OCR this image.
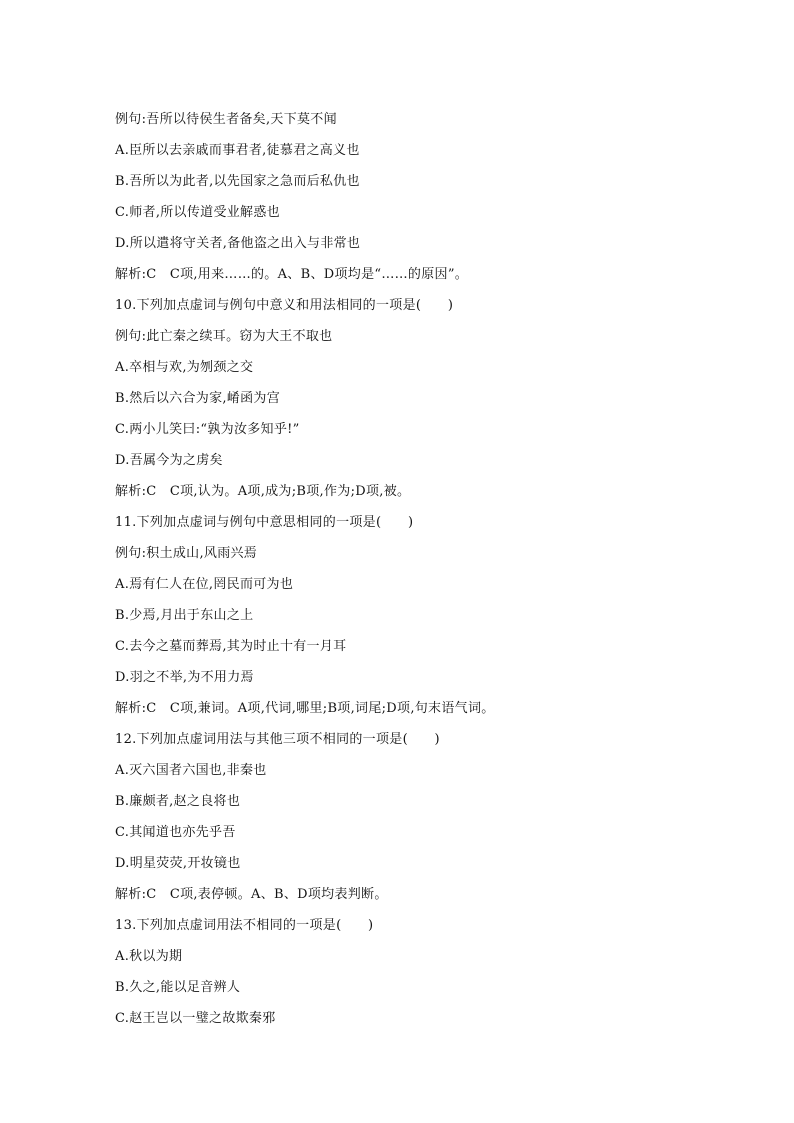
例句:吾所以待侯生者备矣,天下莫不闻
A.臣所以去亲戚而事君者,徒慕君之高义也
B.吾所以为此者,以先国家之急而后私仇也
C.师者,所以传道受业解惑也
D.所以遣将守关者,备他盗之出入与非常也
解析:C　C项,用来……的。A、B、D项均是“……的原因”。
10.下列加点虚词与例句中意义和用法相同的一项是(　　)
例句:此亡秦之续耳。窃为大王不取也
A.卒相与欢,为刎颈之交
B.然后以六合为家,崤函为宫
C.两小儿笑曰:“孰为汝多知乎!”
D.吾属今为之虏矣
解析:C　C项,认为。A项,成为;B项,作为;D项,被。
11.下列加点虚词与例句中意思相同的一项是(　　)
例句:积土成山,风雨兴焉
A.焉有仁人在位,罔民而可为也
B.少焉,月出于东山之上
C.去今之墓而葬焉,其为时止十有一月耳
D.羽之不举,为不用力焉
解析:C　C项,兼词。A项,代词,哪里;B项,词尾;D项,句末语气词。
12.下列加点虚词用法与其他三项不相同的一项是(　　)
A.灭六国者六国也,非秦也
B.廉颇者,赵之良将也
C.其闻道也亦先乎吾
D.明星荧荧,开妆镜也
解析:C　C项,表停顿。A、B、D项均表判断。
13.下列加点虚词用法不相同的一项是(　　)
A.秋以为期
B.久之,能以足音辨人
C.赵王岂以一璧之故欺秦邪
